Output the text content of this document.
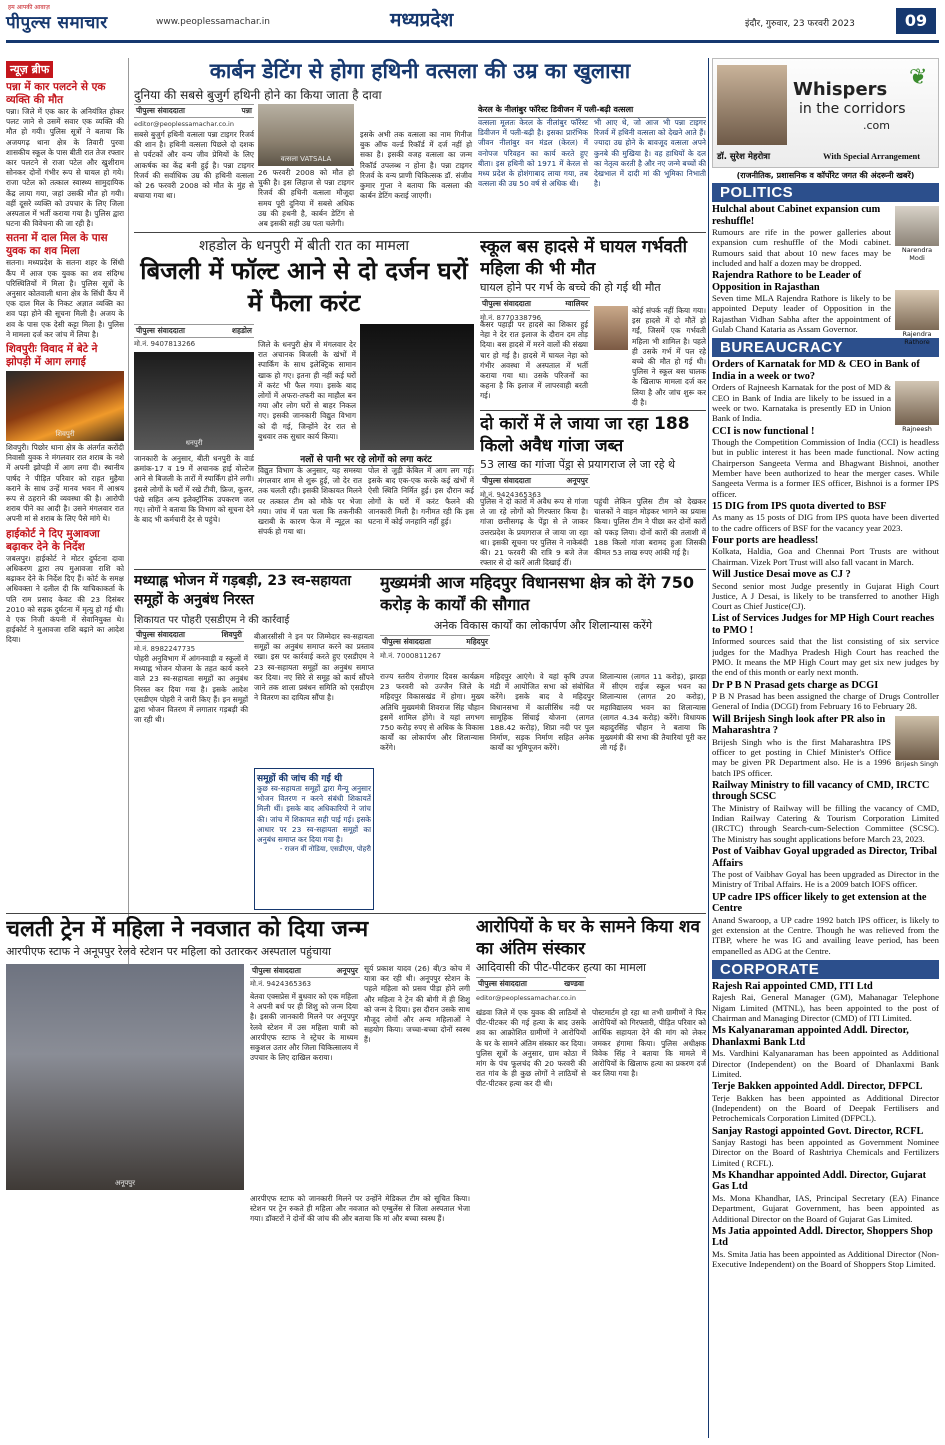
पीपुल्स समाचार
हम आपकी आवाज़
www.peoplessamachar.in	मध्यप्रदेश	इंदौर, गुरुवार, 23 फरवरी 2023	09
न्यूज़ ब्रीफ
पन्ना में कार पलटने से एक व्यक्ति की मौत
पन्ना। जिले में एक कार के अनियंत्रित होकर पलट जाने से उसमें सवार एक व्यक्ति की मौत हो गयी। पुलिस सूत्रों ने बताया कि अजयगढ़ थाना क्षेत्र के तिवारी पुरवा शासकीय स्कूल के पास बीती रात तेज रफ्तार कार पलटने से राजा पटेल और खुशीराम सोनकर दोनों गंभीर रूप से घायल हो गये। राजा पटेल को तत्काल स्वास्थ्य सामुदायिक केंद्र लाया गया, जहां उसकी मौत हो गयी। वहीं दूसरे व्यक्ति को उपचार के लिए जिला अस्पताल में भर्ती कराया गया है। पुलिस द्वारा घटना की विवेचना की जा रही है।
सतना में दाल मिल के पास युवक का शव मिला
सतना। मध्यप्रदेश के सतना शहर के सिंधी कैंप में आज एक युवक का शव संदिग्ध परिस्थितियों में मिला है। पुलिस सूत्रों के अनुसार कोतवाली थाना क्षेत्र के सिंधी कैंप में एक दाल मिल के निकट अज्ञात व्यक्ति का शव पड़ा होने की सूचना मिली है। अजय के शव के पास एक देसी कट्टा मिला है। पुलिस ने मामला दर्ज कर जांच में लिया है।
शिवपुरीः विवाद में बेटे ने झोपड़ी में आग लगाई
शिवपुरी
शिवपुरी। पिछोर थाना क्षेत्र के अंतर्गत करोंदी निवासी युवक ने मंगलवार रात शराब के नशे में अपनी झोपड़ी में आग लगा दी। स्थानीय पार्षद ने पीड़ित परिवार को राहत मुहैया कराने के साथ उन्हें मानव भवन में आश्रय रूप से ठहराने की व्यवस्था की है। आरोपी शराब पीने का आदी है। उसने मंगलवार रात अपनी मां से शराब के लिए पैसे मांगे थे।
हाईकोर्ट ने दिए मुआवजा बढ़ाकर देने के निर्देश
जबलपुर। हाईकोर्ट ने मोटर दुर्घटना दावा अधिकरण द्वारा तय मुआवजा राशि को बढ़ाकर देने के निर्देश दिए हैं। कोर्ट के समक्ष अधिवक्ता ने दलील दी कि याचिकाकर्ता के पति राम प्रसाद केवट की 23 दिसंबर 2010 को सड़क दुर्घटना में मृत्यु हो गई थी। वे एक निजी कंपनी में सेवानियुक्त थे। हाईकोर्ट ने मुआवजा राशि बढ़ाने का आदेश दिया।
कार्बन डेटिंग से होगा हथिनी वत्सला की उम्र का खुलासा
दुनिया की सबसे बुजुर्ग हथिनी होने का किया जाता है दावा
पीपुल्स संवाददाता	पन्ना
editor@peoplessamachar.co.in
वत्सला VATSALA
सबसे बुजुर्ग हथिनी वत्सला पन्ना टाइगर रिजर्व की शान है। हथिनी वत्सला पिछले दो दशक से पर्यटकों और वन्य जीव प्रेमियों के लिए आकर्षक का केंद्र बनी हुई है। पन्ना टाइगर रिजर्व की सर्वाधिक उम्र की हथिनी वत्सला को 26 फरवरी 2008 को मौत के मुंह से बचाया गया था।
26 फरवरी 2008 को मौत हो चुकी है। इस लिहाज से पन्ना टाइगर रिजर्व की हथिनी वत्सला मौजूदा समय पूरी दुनिया में सबसे अधिक उम्र की हथनी है, कार्बन डेटिंग से अब इसकी सही उम्र पता चलेगी।
इसके अभी तक वत्सला का नाम गिनीज बुक ऑफ वर्ल्ड रिकॉर्ड में दर्ज नहीं हो सका है। इसकी वजह वत्सला का जन्म रिकॉर्ड उपलब्ध न होना है। पन्ना टाइगर रिजर्व के वन्य प्राणी चिकित्सक डॉ. संजीव कुमार गुप्ता ने बताया कि वत्सला की कार्बन डेटिंग कराई जाएगी।
केरल के नीलांबुर फॉरेस्ट डिवीजन में पली-बढ़ी वत्सला
वत्सला मूलतः केरल के नीलांबुर फॉरेस्ट डिवीजन में पली-बढ़ी है। इसका प्रारंभिक जीवन नीलांबुर वन मंडल (केरल) में वनोपज परिवहन का कार्य करते हुए बीता। इस हथिनी को 1971 में केरल से मध्य प्रदेश के होशंगाबाद लाया गया, तब वत्सला की उम्र 50 वर्ष से अधिक थी।
भी आए थे, जो आज भी पन्ना टाइगर रिजर्व में हथिनी वत्सला को देखने आते हैं। ज्यादा उम्र होने के बावजूद वत्सला अपने कुनबे की मुखिया है। वह हाथियों के दल का नेतृत्व करती है और नए जन्मे बच्चों की देखभाल में दादी मां की भूमिका निभाती है।
शहडोल के धनपुरी में बीती रात का मामला
बिजली में फॉल्ट आने से दो दर्जन घरों में फैला करंट
पीपुल्स संवाददाता	शहडोल
मो.नं. 9407813266
धनपुरी
जिले के धनपुरी क्षेत्र में मंगलवार देर रात अचानक बिजली के खंभों में स्पार्किंग के साथ इलेक्ट्रिक सामान खाक हो गए। इतना ही नहीं कई घरों में करंट भी फैल गया। इसके बाद लोगों में अफरा-तफरी का माहौल बन गया और लोग घरों से बाहर निकल गए। इसकी जानकारी विद्युत विभाग को दी गई, जिन्होंने देर रात से बुधवार तक सुधार कार्य किया।
जानकारी के अनुसार, बीती धनपुरी के वार्ड क्रमांक-17 व 19 में अचानक हाई वोल्टेज आने से बिजली के तारों में स्पार्किंग होने लगी। इससे लोगों के घरों में रखे टीवी, फ्रिज, कूलर, पंखे सहित अन्य इलेक्ट्रॉनिक उपकरण जल गए। लोगों ने बताया कि विभाग को सूचना देने के बाद भी कर्मचारी देर से पहुंचे।
नलों से पानी भर रहे लोगों को लगा करंट
विद्युत विभाग के अनुसार, यह समस्या मंगलवार शाम से शुरू हुई, जो देर रात तक चलती रही। इसकी शिकायत मिलने पर तत्काल टीम को मौके पर भेजा गया। जांच में पता चला कि तकनीकी खराबी के कारण फेज में न्यूट्रल का संपर्क हो गया था।
पोल से जुड़ी केबिल में आग लग गई। इसके बाद एक-एक करके कई खंभों में ऐसी स्थिति निर्मित हुई। इस दौरान कई लोगों के घरों में करंट फैलने की जानकारी मिली है। गनीमत रही कि इस घटना में कोई जनहानि नहीं हुई।
स्कूल बस हादसे में घायल गर्भवती महिला की भी मौत
घायल होने पर गर्भ के बच्चे की हो गई थी मौत
पीपुल्स संवाददाता	ग्वालियर
मो.नं. 8770338796
कैंसर पहाड़ी पर हादसे का शिकार हुई नेहा ने देर रात इलाज के दौरान दम तोड़ दिया। बस हादसे में मरने वालों की संख्या चार हो गई है। हादसे में घायल नेहा को गंभीर अवस्था में अस्पताल में भर्ती कराया गया था। उसके परिजनों का कहना है कि इलाज में लापरवाही बरती गई।
कोई संपर्क नहीं किया गया। इस हादसे में दो मौतें हो गईं, जिसमें एक गर्भवती महिला भी शामिल है। पहले ही उसके गर्भ में पल रहे बच्चे की मौत हो गई थी। पुलिस ने स्कूल बस चालक के खिलाफ मामला दर्ज कर लिया है और जांच शुरू कर दी है।
दो कारों में ले जाया जा रहा 188 किलो अवैध गांजा जब्त
53 लाख का गांजा पेंड्रा से प्रयागराज ले जा रहे थे
पीपुल्स संवाददाता	अनूपपुर
मो.नं. 9424365363
पुलिस ने दो कारों में अवैध रूप से गांजा ले जा रहे लोगों को गिरफ्तार किया है। गांजा छत्तीसगढ़ के पेंड्रा से ले जाकर उत्तरप्रदेश के प्रयागराज ले जाया जा रहा था। इसकी सूचना पर पुलिस ने नाकेबंदी की। 21 फरवरी की रात्रि 9 बजे तेज रफ्तार से दो कारें आती दिखाई दीं।
पहुंची लेकिन पुलिस टीम को देखकर चालकों ने वाहन मोड़कर भागने का प्रयास किया। पुलिस टीम ने पीछा कर दोनों कारों को पकड़ लिया। दोनों कारों की तलाशी में 188 किलो गांजा बरामद हुआ जिसकी कीमत 53 लाख रुपए आंकी गई है।
मध्याह्न भोजन में गड़बड़ी, 23 स्व-सहायता समूहों के अनुबंध निरस्त
शिकायत पर पोहरी एसडीएम ने की कार्रवाई
पीपुल्स संवाददाता	शिवपुरी
मो.नं. 8982247735
पोहरी अनुविभाग में आंगनवाड़ी व स्कूलों में मध्याह्न भोजन योजना के तहत कार्य करने वाले 23 स्व-सहायता समूहों का अनुबंध निरस्त कर दिया गया है। इसके आदेश एसडीएम पोहरी ने जारी किए हैं। इन समूहों द्वारा भोजन वितरण में लगातार गड़बड़ी की जा रही थी।
बीआरसीसी ने इन पर जिम्मेदार स्व-सहायता समूहों का अनुबंध समाप्त करने का प्रस्ताव रखा। इस पर कार्रवाई करते हुए एसडीएम ने 23 स्व-सहायता समूहों का अनुबंध समाप्त कर दिया। नए सिरे से समूह को कार्य सौंपने जाने तक शाला प्रबंधन समिति को एसडीएम ने वितरण का दायित्व सौंपा है।
समूहों की जांच की गई थी
कुछ स्व-सहायता समूहों द्वारा मैन्यू अनुसार भोजन वितरण न करने संबंधी शिकायतें मिली थीं। इसके बाद अधिकारियों ने जांच की। जांच में शिकायत सही पाई गई। इसके आधार पर 23 स्व-सहायता समूहों का अनुबंध समाप्त कर दिया गया है।
- राजन वीं नोडिया, एसडीएम, पोहरी
मुख्यमंत्री आज महिदपुर विधानसभा क्षेत्र को देंगे 750 करोड़ के कार्यों की सौगात
अनेक विकास कार्यों का लोकार्पण और शिलान्यास करेंगे
पीपुल्स संवाददाता	महिदपुर
मो.नं. 7000811267
राज्य स्तरीय रोजगार दिवस कार्यक्रम 23 फरवरी को उज्जैन जिले के महिदपुर विकासखंड में होगा। मुख्य अतिथि मुख्यमंत्री शिवराज सिंह चौहान इसमें शामिल होंगे। वे यहां लगभग 750 करोड़ रुपए से अधिक के विकास कार्यों का लोकार्पण और शिलान्यास करेंगे।
महिदपुर आएंगे। वे यहां कृषि उपज मंडी में आयोजित सभा को संबोधित करेंगे। इसके बाद वे महिदपुर विधानसभा में कालीसिंध नदी पर सामूहिक सिंचाई योजना (लागत 188.42 करोड़), शिप्रा नदी पर पुल निर्माण, सड़क निर्माण सहित अनेक कार्यों का भूमिपूजन करेंगे।
शिलान्यास (लागत 11 करोड़), झारड़ा में सीएम राईज स्कूल भवन का शिलान्यास (लागत 20 करोड़), महाविद्यालय भवन का शिलान्यास (लागत 4.34 करोड़) करेंगे। विधायक बहादुरसिंह चौहान ने बताया कि मुख्यमंत्री की सभा की तैयारियां पूरी कर ली गई हैं।
चलती ट्रेन में महिला ने नवजात को दिया जन्म
आरपीएफ स्टाफ ने अनूपपुर रेलवे स्टेशन पर महिला को उतारकर अस्पताल पहुंचाया
अनूपपुर
पीपुल्स संवाददाता	अनूपपुर
मो.नं. 9424365363
बेतवा एक्सप्रेस में बुधवार को एक महिला ने अपनी बर्थ पर ही शिशु को जन्म दिया है। इसकी जानकारी मिलने पर अनूपपुर रेलवे स्टेशन में उस महिला यात्री को आरपीएफ स्टाफ ने स्ट्रेचर के माध्यम सकुशल उतार और जिला चिकित्सालय में उपचार के लिए दाखिल कराया।
सूर्य प्रकाश यादव (26) बी/3 कोच में यात्रा कर रही थी। अनूपपुर स्टेशन के पहले महिला को प्रसव पीड़ा होने लगी और महिला ने ट्रेन की बोगी में ही शिशु को जन्म दे दिया। इस दौरान उसके साथ मौजूद लोगों और अन्य महिलाओं ने सहयोग किया। जच्चा-बच्चा दोनों स्वस्थ हैं।
आरपीएफ स्टाफ को जानकारी मिलने पर उन्होंने मेडिकल टीम को सूचित किया। स्टेशन पर ट्रेन रुकते ही महिला और नवजात को एम्बुलेंस से जिला अस्पताल भेजा गया। डॉक्टरों ने दोनों की जांच की और बताया कि मां और बच्चा स्वस्थ हैं।
आरोपियों के घर के सामने किया शव का अंतिम संस्कार
आदिवासी की पीट-पीटकर हत्या का मामला
पीपुल्स संवाददाता	खण्डवा
editor@peoplessamachar.co.in
खंडवा जिले में एक युवक की लाठियों से पीट-पीटकर की गई हत्या के बाद उसके शव का आक्रोशित ग्रामीणों ने आरोपियों के घर के सामने अंतिम संस्कार कर दिया। पुलिस सूत्रों के अनुसार, ग्राम कोठा में मांग के पंच फूलचंद की 20 फरवरी की रात गांव के ही कुछ लोगों ने लाठियों से पीट-पीटकर हत्या कर दी थी।
पोस्टमार्टम हो रहा था तभी ग्रामीणों ने फिर आरोपियों को गिरफ्तारी, पीड़ित परिवार को आर्थिक सहायता देने की मांग को लेकर जमकर हंगामा किया। पुलिस अधीक्षक विवेक सिंह ने बताया कि मामले में आरोपियों के खिलाफ हत्या का प्रकरण दर्ज कर लिया गया है।
Whispers
in the corridors
.com
❦
डॉ. सुरेश मेहरोत्रा	With Special Arrangement
(राजनीतिक, प्रशासनिक व कॉर्पोरेट जगत की अंदरूनी खबरें)
POLITICS
Narendra Modi
Hulchal about Cabinet expansion cum reshuffle!
Rumours are rife in the power galleries about expansion cum reshuffle of the Modi cabinet. Rumours said that about 10 new faces may be included and half a dozen may be dropped.
Rajendra Rathore
Rajendra Rathore to be Leader of Opposition in Rajasthan
Seven time MLA Rajendra Rathore is likely to be appointed Deputy leader of Opposition in the Rajasthan Vidhan Sabha after the appointment of Gulab Chand Kataria as Assam Governor.
BUREAUCRACY
Rajneesh
Orders of Karnatak for MD & CEO in Bank of India in a week or two?
Orders of Rajneesh Karnatak for the post of MD & CEO in Bank of India are likely to be issued in a week or two. Karnataka is presently ED in Union Bank of India.
CCI is now functional !
Though the Competition Commission of India (CCI) is headless but in public interest it has been made functional. Now acting Chairperson Sangeeta Verma and Bhagwant Bishnoi, another Member have been authorized to hear the merger cases. While Sangeeta Verma is a former IES officer, Bishnoi is a former IPS officer.
15 DIG from IPS quota diverted to BSF
As many as 15 posts of DIG from IPS quota have been diverted to the cadre officers of BSF for the vacancy year 2023.
Four ports are headless!
Kolkata, Haldia, Goa and Chennai Port Trusts are without Chairman. Vizek Port Trust will also fall vacant in March.
Will Justice Desai move as CJ ?
Second senior most Judge presently in Gujarat High Court Justice, A J Desai, is likely to be transferred to another High Court as Chief Justice(CJ).
List of Services Judges for MP High Court reaches to PMO !
Informed sources said that the list consisting of six service judges for the Madhya Pradesh High Court has reached the PMO. It means the MP High Court may get six new judges by the end of this month or early next month.
Dr P B N Prasad gets charge as DCGI
P B N Prasad has been assigned the charge of Drugs Controller General of India (DCGI) from February 16 to February 28.
Brijesh Singh
Will Brijesh Singh look after PR also in Maharashtra ?
Brijesh Singh who is the first Maharashtra IPS officer to get posting in Chief Minister's Office may be given PR Department also. He is a 1996 batch IPS officer.
Railway Ministry to fill vacancy of CMD, IRCTC through SCSC
The Ministry of Railway will be filling the vacancy of CMD, Indian Railway Catering & Tourism Corporation Limited (IRCTC) through Search-cum-Selection Committee (SCSC). The Ministry has sought applications before March 23, 2023.
Post of Vaibhav Goyal upgraded as Director, Tribal Affairs
The post of Vaibhav Goyal has been upgraded as Director in the Ministry of Tribal Affairs. He is a 2009 batch IOFS officer.
UP cadre IPS officer likely to get extension at the Centre
Anand Swaroop, a UP cadre 1992 batch IPS officer, is likely to get extension at the Centre. Though he was relieved from the ITBP, where he was IG and availing leave period, has been empanelled as ADG at the Centre.
CORPORATE
Rajesh Rai appointed CMD, ITI Ltd
Rajesh Rai, General Manager (GM), Mahanagar Telephone Nigam Limited (MTNL), has been appointed to the post of Chairman and Managing Director (CMD) of ITI Limited.
Ms Kalyanaraman appointed Addl. Director, Dhanlaxmi Bank Ltd
Ms. Vardhini Kalyanaraman has been appointed as Additional Director (Independent) on the Board of Dhanlaxmi Bank Limited.
Terje Bakken appointed Addl. Director, DFPCL
Terje Bakken has been appointed as Additional Director (Independent) on the Board of Deepak Fertilisers and Petrochemicals Corporation Limited (DFPCL).
Sanjay Rastogi appointed Govt. Director, RCFL
Sanjay Rastogi has been appointed as Government Nominee Director on the Board of Rashtriya Chemicals and Fertilizers Limited ( RCFL).
Ms Khandhar appointed Addl. Director, Gujarat Gas Ltd
Ms. Mona Khandhar, IAS, Principal Secretary (EA) Finance Department, Gujarat Government, has been appointed as Additional Director on the Board of Gujarat Gas Limited.
Ms Jatia appointed Addl. Director, Shoppers Shop Ltd
Ms. Smita Jatia has been appointed as Additional Director (Non-Executive Independent) on the Board of Shoppers Stop Limited.
